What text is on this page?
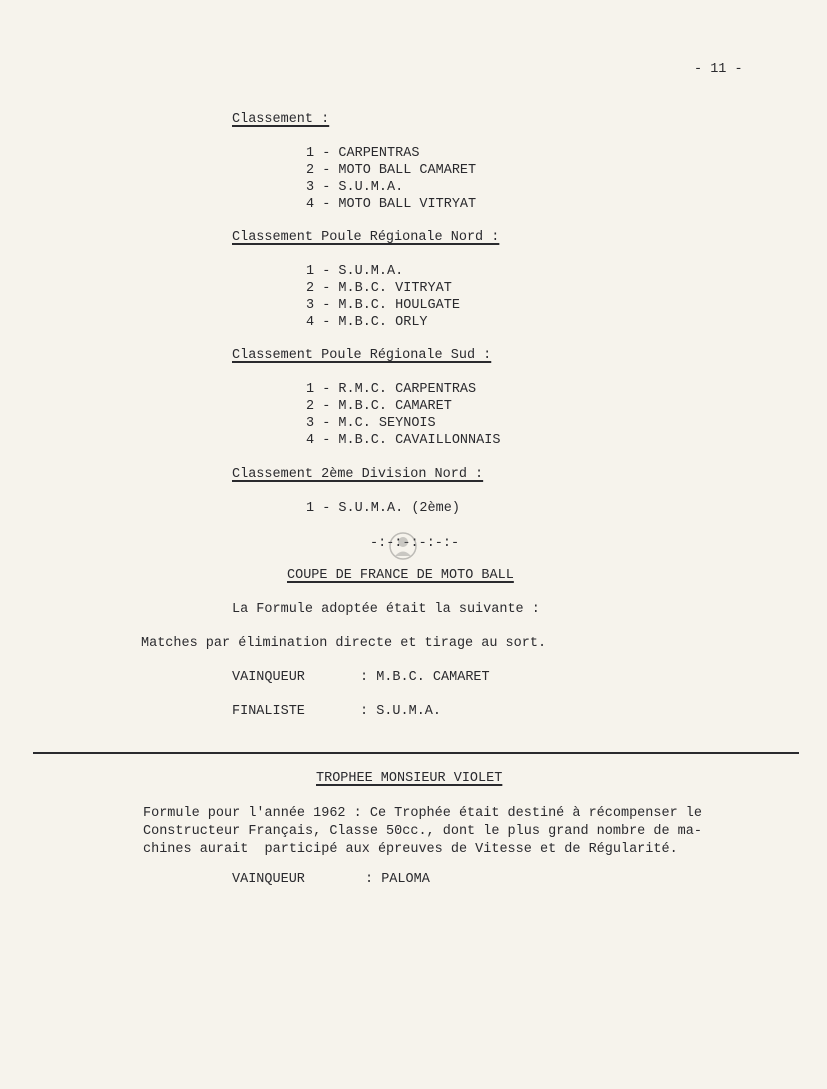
- 11 -
Classement :
1 - CARPENTRAS
2 - MOTO BALL CAMARET
3 - S.U.M.A.
4 - MOTO BALL VITRYAT
Classement Poule Régionale Nord :
1 - S.U.M.A.
2 - M.B.C. VITRYAT
3 - M.B.C. HOULGATE
4 - M.B.C. ORLY
Classement Poule Régionale Sud :
1 - R.M.C. CARPENTRAS
2 - M.B.C. CAMARET
3 - M.C. SEYNOIS
4 - M.B.C. CAVAILLONNAIS
Classement 2ème Division Nord :
1 - S.U.M.A. (2ème)
-:-:-:-:-:-
COUPE DE FRANCE DE MOTO BALL
La Formule adoptée était la suivante :
Matches par élimination directe et tirage au sort.
VAINQUEUR	: M.B.C. CAMARET
FINALISTE	: S.U.M.A.
TROPHEE MONSIEUR VIOLET
Formule pour l'année 1962 : Ce Trophée était destiné à récompenser le
Constructeur Français, Classe 50cc., dont le plus grand nombre de ma-
chines aurait  participé aux épreuves de Vitesse et de Régularité.
VAINQUEUR	: PALOMA
